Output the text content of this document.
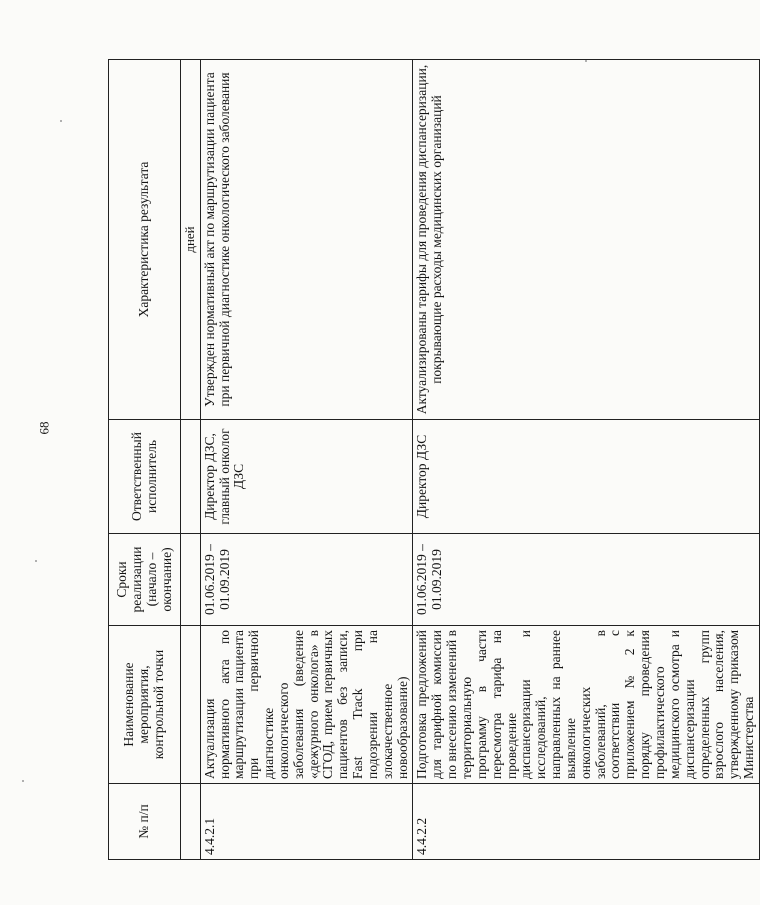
68
№ п/п	Наименование мероприятия, контрольной точки	Сроки реализации (начало – окончание)	Ответственный исполнитель	Характеристика результата
				дней
4.4.2.1	Актуализация нормативного акта по маршрутизации пациента при первичной диагностике онкологического заболевания (введение «дежурного онколога» в СГОД, прием первичных пациентов без записи, Fast Track при подозрении на злокачественное новообразование)	01.06.2019 – 01.09.2019	Директор ДЗС, главный онколог ДЗС	Утвержден нормативный акт по маршрутизации пациента при первичной диагностике онкологического заболевания
4.4.2.2	Подготовка предложений для тарифной комиссии по внесению изменений в территориальную программу в части пересмотра тарифа на проведение диспансеризации и исследований, направленных на раннее выявление онкологических заболеваний, в соответствии с приложением № 2 к порядку проведения профилактического медицинского осмотра и диспансеризации определенных групп взрослого населения, утвержденному приказом Министерства	01.06.2019 – 01.09.2019	Директор ДЗС	Актуализированы тарифы для проведения диспансеризации, покрывающие расходы медицинских организаций
